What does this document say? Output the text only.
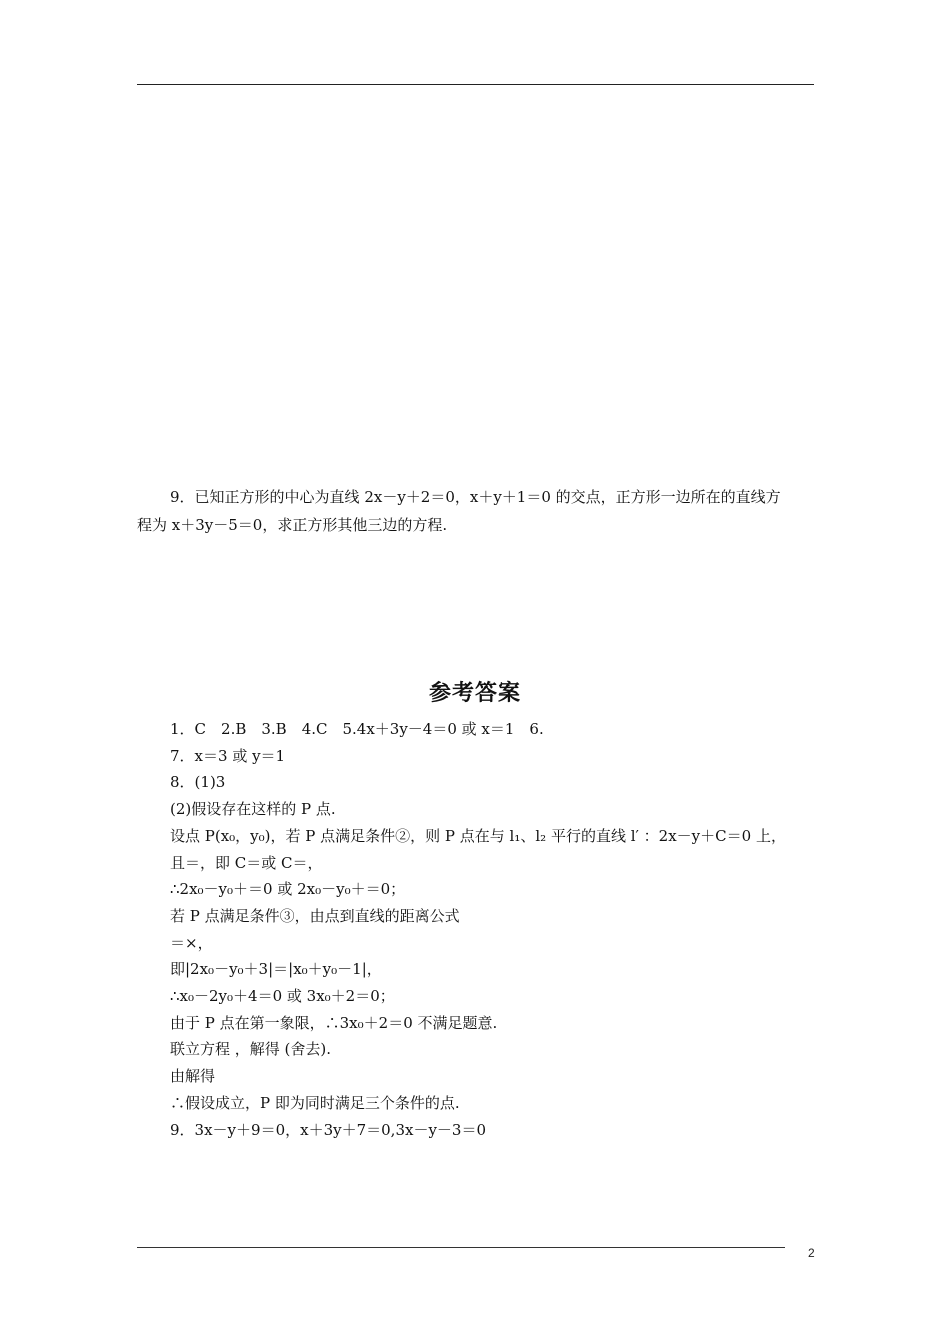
9．已知正方形的中心为直线 2x－y＋2＝0，x＋y＋1＝0 的交点，正方形一边所在的直线方
程为 x＋3y－5＝0，求正方形其他三边的方程.
参考答案
1．C　2.B　3.B　4.C　5.4x＋3y－4＝0 或 x＝1　6.
7．x＝3 或 y＝1
8．(1)3
(2)假设存在这样的 P 点.
设点 P(x₀，y₀)，若 P 点满足条件②，则 P 点在与 l₁、l₂ 平行的直线 l′ ：2x－y＋C＝0 上，
且＝，即 C＝或 C＝，
∴2x₀－y₀＋＝0 或 2x₀－y₀＋＝0；
若 P 点满足条件③，由点到直线的距离公式
＝×，
即|2x₀－y₀＋3|＝|x₀＋y₀－1|，
∴x₀－2y₀＋4＝0 或 3x₀＋2＝0；
由于 P 点在第一象限，∴3x₀＋2＝0 不满足题意.
联立方程 ，解得 (舍去).
由解得
∴假设成立，P 即为同时满足三个条件的点.
9．3x－y＋9＝0，x＋3y＋7＝0,3x－y－3＝0
2
